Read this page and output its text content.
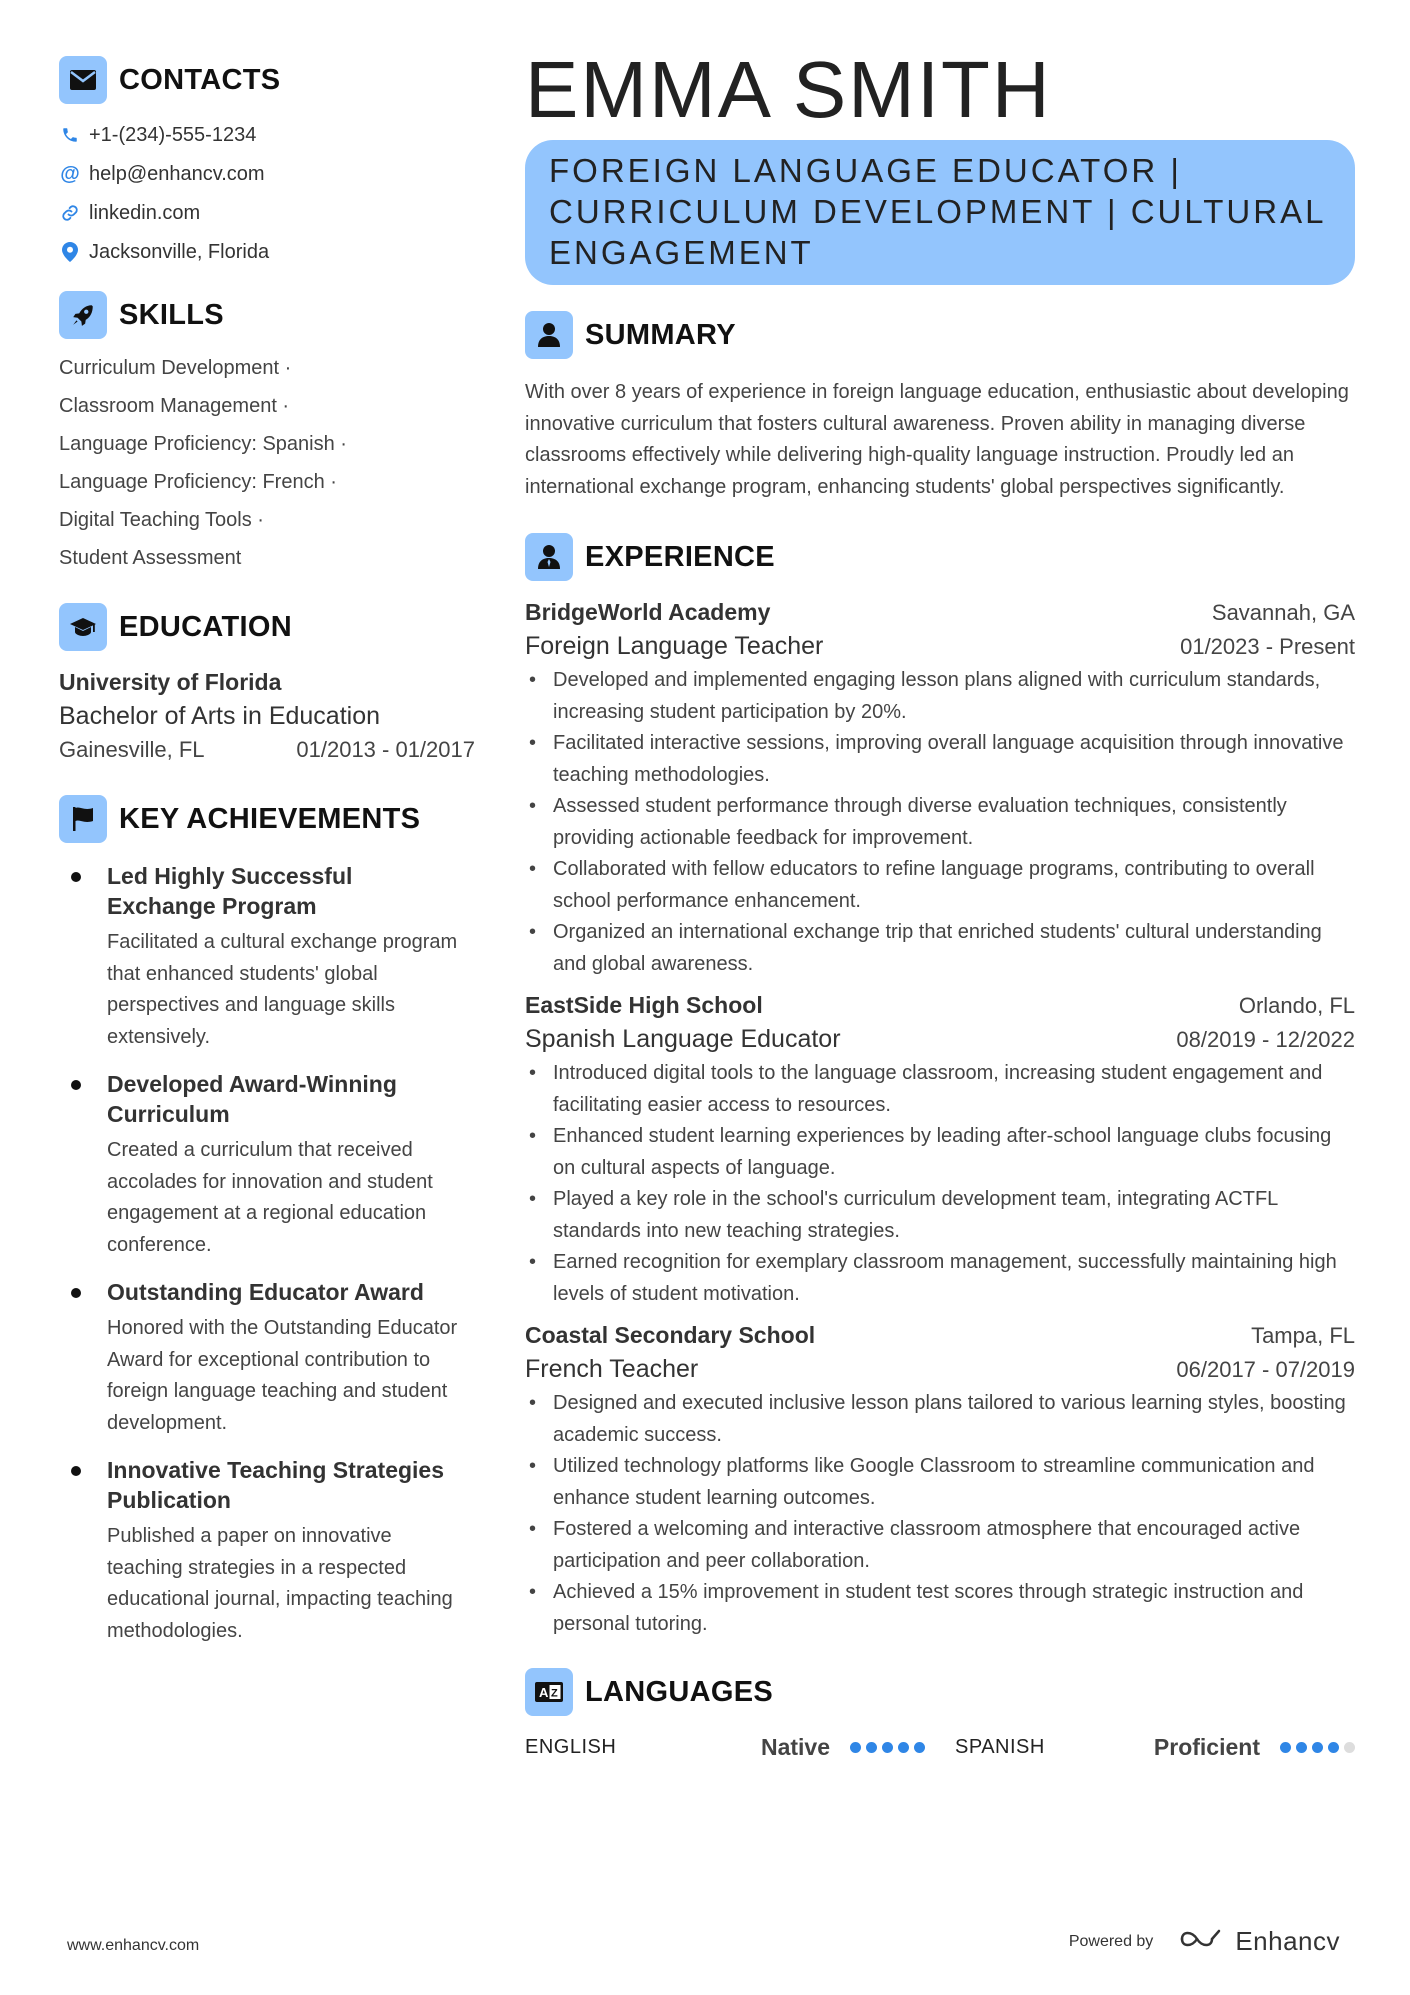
CONTACTS
+1-(234)-555-1234
@ help@enhancv.com
linkedin.com
Jacksonville, Florida
SKILLS
Curriculum Development ·
Classroom Management ·
Language Proficiency: Spanish ·
Language Proficiency: French ·
Digital Teaching Tools ·
Student Assessment
EDUCATION
University of Florida
Bachelor of Arts in Education
Gainesville, FL	01/2013 - 01/2017
KEY ACHIEVEMENTS
Led Highly Successful Exchange Program
Facilitated a cultural exchange program that enhanced students' global perspectives and language skills extensively.
Developed Award-Winning Curriculum
Created a curriculum that received accolades for innovation and student engagement at a regional education conference.
Outstanding Educator Award
Honored with the Outstanding Educator Award for exceptional contribution to foreign language teaching and student development.
Innovative Teaching Strategies Publication
Published a paper on innovative teaching strategies in a respected educational journal, impacting teaching methodologies.
EMMA SMITH
FOREIGN LANGUAGE EDUCATOR | CURRICULUM DEVELOPMENT | CULTURAL ENGAGEMENT
SUMMARY
With over 8 years of experience in foreign language education, enthusiastic about developing innovative curriculum that fosters cultural awareness. Proven ability in managing diverse classrooms effectively while delivering high-quality language instruction. Proudly led an international exchange program, enhancing students' global perspectives significantly.
EXPERIENCE
BridgeWorld Academy	Savannah, GA
Foreign Language Teacher	01/2023 - Present
• Developed and implemented engaging lesson plans aligned with curriculum standards, increasing student participation by 20%.
• Facilitated interactive sessions, improving overall language acquisition through innovative teaching methodologies.
• Assessed student performance through diverse evaluation techniques, consistently providing actionable feedback for improvement.
• Collaborated with fellow educators to refine language programs, contributing to overall school performance enhancement.
• Organized an international exchange trip that enriched students' cultural understanding and global awareness.
EastSide High School	Orlando, FL
Spanish Language Educator	08/2019 - 12/2022
• Introduced digital tools to the language classroom, increasing student engagement and facilitating easier access to resources.
• Enhanced student learning experiences by leading after-school language clubs focusing on cultural aspects of language.
• Played a key role in the school's curriculum development team, integrating ACTFL standards into new teaching strategies.
• Earned recognition for exemplary classroom management, successfully maintaining high levels of student motivation.
Coastal Secondary School	Tampa, FL
French Teacher	06/2017 - 07/2019
• Designed and executed inclusive lesson plans tailored to various learning styles, boosting academic success.
• Utilized technology platforms like Google Classroom to streamline communication and enhance student learning outcomes.
• Fostered a welcoming and interactive classroom atmosphere that encouraged active participation and peer collaboration.
• Achieved a 15% improvement in student test scores through strategic instruction and personal tutoring.
A Z LANGUAGES
ENGLISH	Native	SPANISH	Proficient
www.enhancv.com	Powered by	Enhancv
